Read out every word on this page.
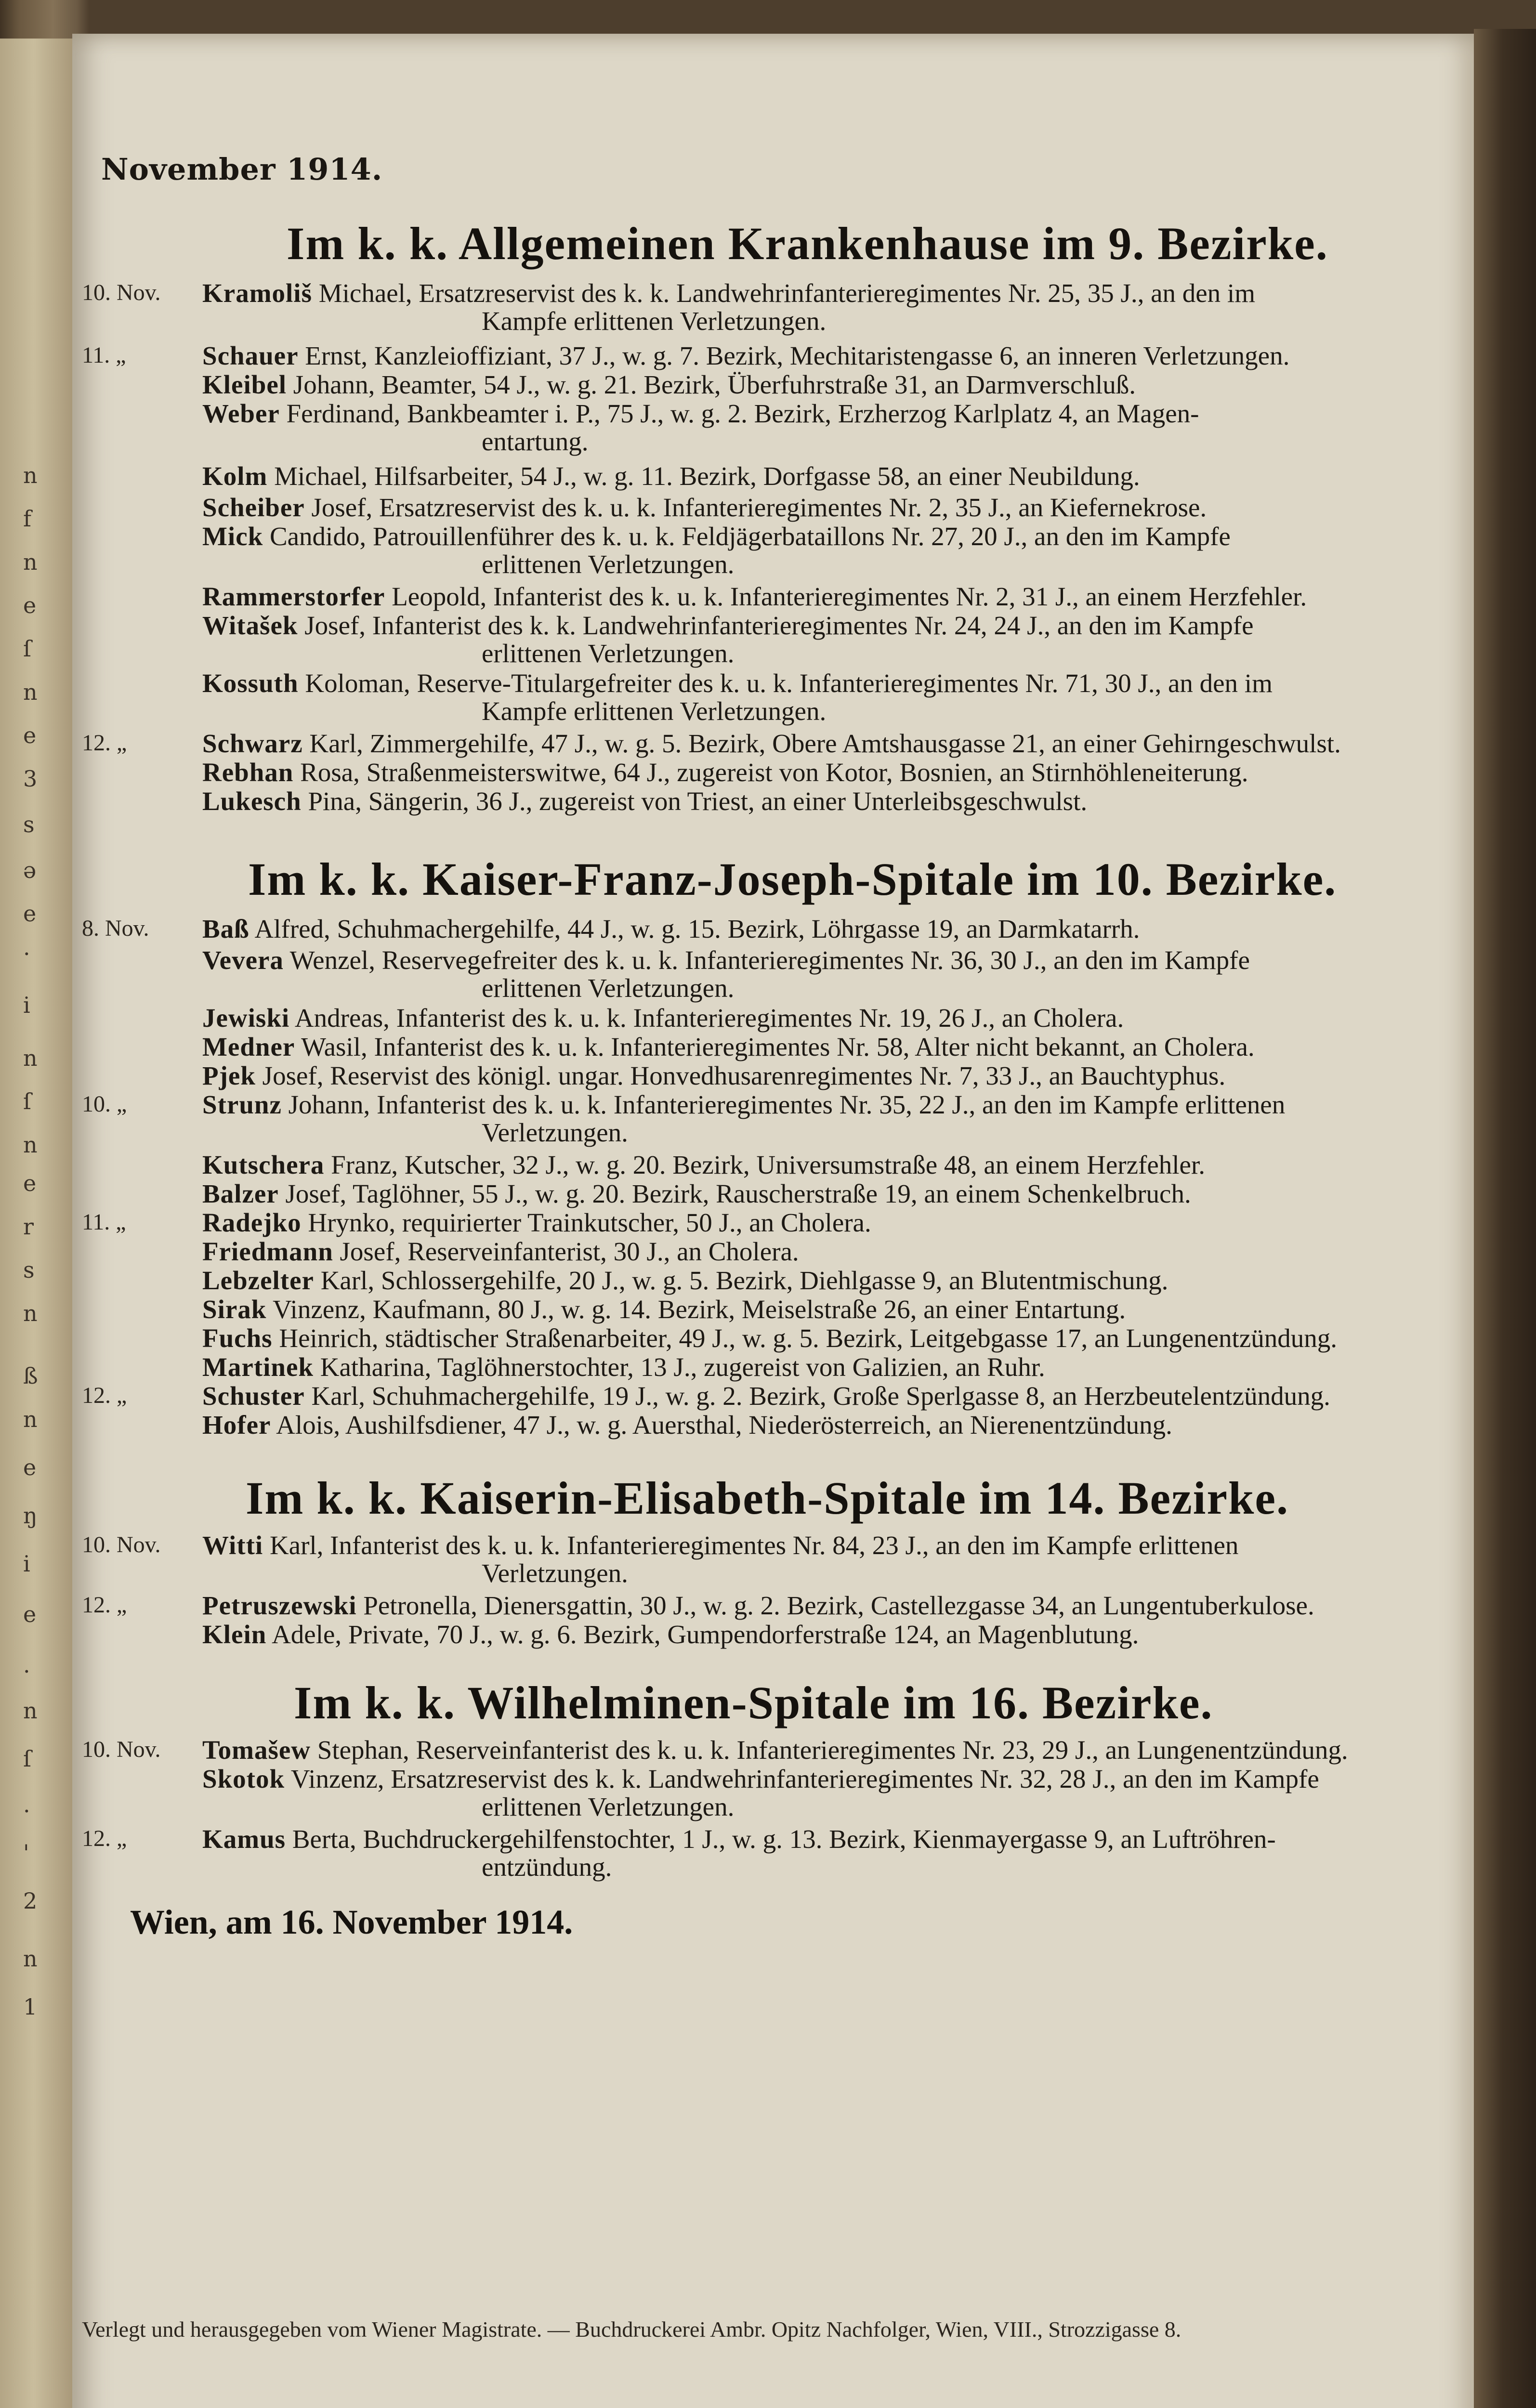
s
.
i
n
r
ß
n
e
ŋ
i
e
.
n
ſ
.
'
2
n
1
ə
e
n
ſ
e
s
n
3
e
n
ſ
e
n
f
n
November 1914.
Im k. k. Allgemeinen Krankenhause im 9. Bezirke.
10. Nov. Kramoliš Michael, Ersatzreservist des k. k. Landwehrinfanterieregimentes Nr. 25, 35 J., an den im
Kampfe erlittenen Verletzungen.
11. „	Schauer Ernst, Kanzleioffiziant, 37 J., w. g. 7. Bezirk, Mechitaristengasse 6, an inneren Verletzungen.
Kleibel Johann, Beamter, 54 J., w. g. 21. Bezirk, Überfuhrstraße 31, an Darmverschluß.
Weber Ferdinand, Bankbeamter i. P., 75 J., w. g. 2. Bezirk, Erzherzog Karlplatz 4, an Magen-
entartung.
Kolm Michael, Hilfsarbeiter, 54 J., w. g. 11. Bezirk, Dorfgasse 58, an einer Neubildung.
Scheiber Josef, Ersatzreservist des k. u. k. Infanterieregimentes Nr. 2, 35 J., an Kiefernekrose.
Mick Candido, Patrouillenführer des k. u. k. Feldjägerbataillons Nr. 27, 20 J., an den im Kampfe
erlittenen Verletzungen.
Rammerstorfer Leopold, Infanterist des k. u. k. Infanterieregimentes Nr. 2, 31 J., an einem Herzfehler.
Witašek Josef, Infanterist des k. k. Landwehrinfanterieregimentes Nr. 24, 24 J., an den im Kampfe
erlittenen Verletzungen.
Kossuth Koloman, Reserve-Titulargefreiter des k. u. k. Infanterieregimentes Nr. 71, 30 J., an den im
Kampfe erlittenen Verletzungen.
12. „	Schwarz Karl, Zimmergehilfe, 47 J., w. g. 5. Bezirk, Obere Amtshausgasse 21, an einer Gehirngeschwulst.
Rebhan Rosa, Straßenmeisterswitwe, 64 J., zugereist von Kotor, Bosnien, an Stirnhöhleneiterung.
Lukesch Pina, Sängerin, 36 J., zugereist von Triest, an einer Unterleibsgeschwulst.
Im k. k. Kaiser-Franz-Joseph-Spitale im 10. Bezirke.
8. Nov. Baß Alfred, Schuhmachergehilfe, 44 J., w. g. 15. Bezirk, Löhrgasse 19, an Darmkatarrh.
Vevera Wenzel, Reservegefreiter des k. u. k. Infanterieregimentes Nr. 36, 30 J., an den im Kampfe
erlittenen Verletzungen.
Jewiski Andreas, Infanterist des k. u. k. Infanterieregimentes Nr. 19, 26 J., an Cholera.
Medner Wasil, Infanterist des k. u. k. Infanterieregimentes Nr. 58, Alter nicht bekannt, an Cholera.
Pjek Josef, Reservist des königl. ungar. Honvedhusarenregimentes Nr. 7, 33 J., an Bauchtyphus.
10. „	Strunz Johann, Infanterist des k. u. k. Infanterieregimentes Nr. 35, 22 J., an den im Kampfe erlittenen
Verletzungen.
Kutschera Franz, Kutscher, 32 J., w. g. 20. Bezirk, Universumstraße 48, an einem Herzfehler.
Balzer Josef, Taglöhner, 55 J., w. g. 20. Bezirk, Rauscherstraße 19, an einem Schenkelbruch.
11. „	Radejko Hrynko, requirierter Trainkutscher, 50 J., an Cholera.
Friedmann Josef, Reserveinfanterist, 30 J., an Cholera.
Lebzelter Karl, Schlossergehilfe, 20 J., w. g. 5. Bezirk, Diehlgasse 9, an Blutentmischung.
Sirak Vinzenz, Kaufmann, 80 J., w. g. 14. Bezirk, Meiselstraße 26, an einer Entartung.
Fuchs Heinrich, städtischer Straßenarbeiter, 49 J., w. g. 5. Bezirk, Leitgebgasse 17, an Lungenentzündung.
Martinek Katharina, Taglöhnerstochter, 13 J., zugereist von Galizien, an Ruhr.
12. „	Schuster Karl, Schuhmachergehilfe, 19 J., w. g. 2. Bezirk, Große Sperlgasse 8, an Herzbeutelentzündung.
Hofer Alois, Aushilfsdiener, 47 J., w. g. Auersthal, Niederösterreich, an Nierenentzündung.
Im k. k. Kaiserin-Elisabeth-Spitale im 14. Bezirke.
10. Nov. Witti Karl, Infanterist des k. u. k. Infanterieregimentes Nr. 84, 23 J., an den im Kampfe erlittenen
Verletzungen.
12. „	Petruszewski Petronella, Dienersgattin, 30 J., w. g. 2. Bezirk, Castellezgasse 34, an Lungentuberkulose.
Klein Adele, Private, 70 J., w. g. 6. Bezirk, Gumpendorferstraße 124, an Magenblutung.
Im k. k. Wilhelminen-Spitale im 16. Bezirke.
10. Nov. Tomašew Stephan, Reserveinfanterist des k. u. k. Infanterieregimentes Nr. 23, 29 J., an Lungenentzündung.
Skotok Vinzenz, Ersatzreservist des k. k. Landwehrinfanterieregimentes Nr. 32, 28 J., an den im Kampfe
erlittenen Verletzungen.
12. „	Kamus Berta, Buchdruckergehilfenstochter, 1 J., w. g. 13. Bezirk, Kienmayergasse 9, an Luftröhren-
entzündung.
Wien, am 16. November 1914.
Verlegt und herausgegeben vom Wiener Magistrate. — Buchdruckerei Ambr. Opitz Nachfolger, Wien, VIII., Strozzigasse 8.
